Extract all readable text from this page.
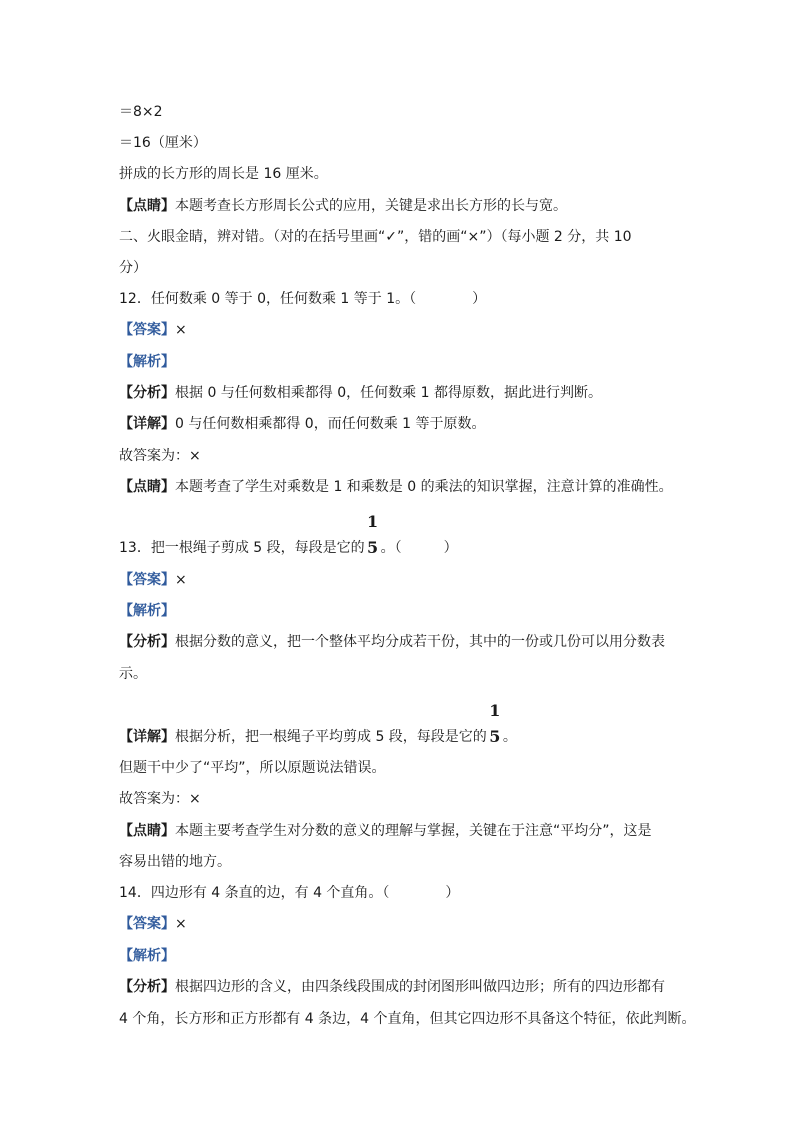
＝8×2
＝16（厘米）
拼成的长方形的周长是 16 厘米。
【点睛】本题考查长方形周长公式的应用，关键是求出长方形的长与宽。
二、火眼金睛，辨对错。（对的在括号里画“✓”，错的画“×”）（每小题 2 分，共 10
分）
12．任何数乘 0 等于 0，任何数乘 1 等于 1。（　　　　）
【答案】×
【解析】
【分析】根据 0 与任何数相乘都得 0，任何数乘 1 都得原数，据此进行判断。
【详解】0 与任何数相乘都得 0，而任何数乘 1 等于原数。
故答案为：×
【点睛】本题考查了学生对乘数是 1 和乘数是 0 的乘法的知识掌握，注意计算的准确性。
13．把一根绳子剪成 5 段，每段是它的
1
5 。（　　　）
【答案】×
【解析】
【分析】根据分数的意义，把一个整体平均分成若干份，其中的一份或几份可以用分数表
示。
【详解】根据分析，把一根绳子平均剪成 5 段，每段是它的
1
5 。
但题干中少了“平均”，所以原题说法错误。
故答案为：×
【点睛】本题主要考查学生对分数的意义的理解与掌握，关键在于注意“平均分”，这是
容易出错的地方。
14．四边形有 4 条直的边，有 4 个直角。（　　　　）
【答案】×
【解析】
【分析】根据四边形的含义，由四条线段围成的封闭图形叫做四边形；所有的四边形都有
4 个角，长方形和正方形都有 4 条边，4 个直角，但其它四边形不具备这个特征，依此判断。
